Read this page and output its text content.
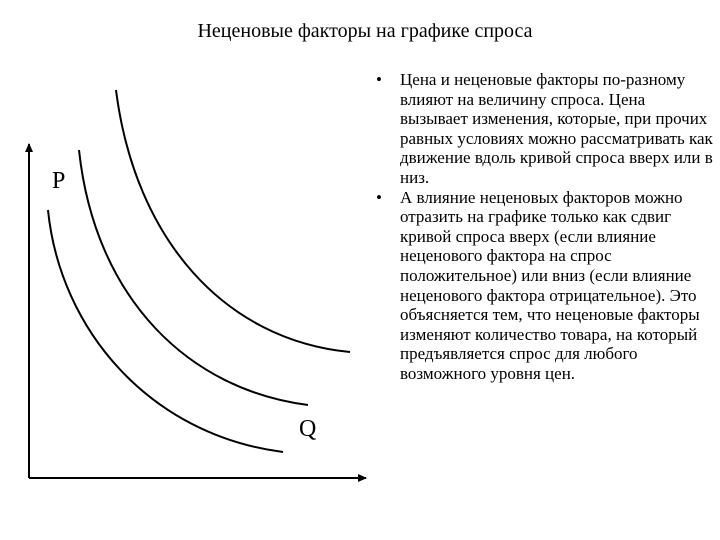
Неценовые факторы на графике спроса
P
Q
• Цена и неценовые факторы по-разному влияют на величину спроса. Цена вызывает изменения, которые, при прочих равных условиях можно рассматривать как движение вдоль кривой спроса вверх или в низ.
• А влияние неценовых факторов можно отразить на графике только как сдвиг кривой спроса вверх (если влияние неценового фактора на спрос положительное) или вниз (если влияние неценового фактора отрицательное). Это объясняется тем, что неценовые факторы изменяют количество товара, на который предъявляется спрос для любого возможного уровня цен.
